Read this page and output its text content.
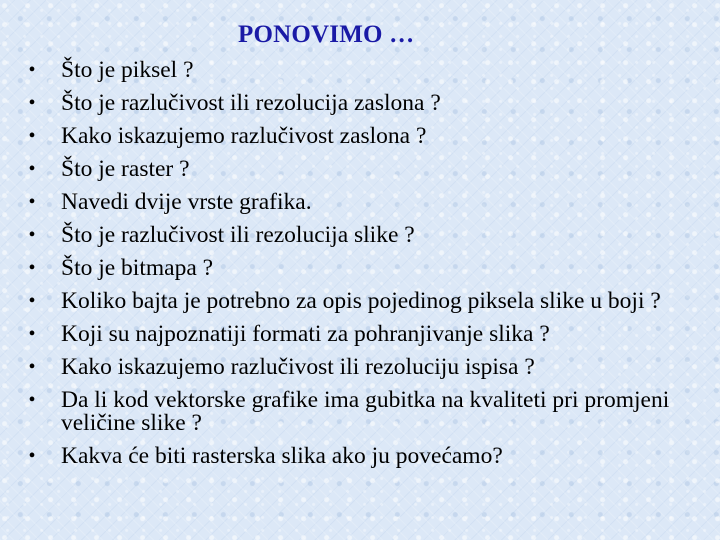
PONOVIMO …
• Što je piksel ?
• Što je razlučivost ili rezolucija zaslona ?
• Kako iskazujemo razlučivost zaslona ?
• Što je raster ?
• Navedi dvije vrste grafika.
• Što je razlučivost ili rezolucija slike ?
• Što je bitmapa ?
• Koliko bajta je potrebno za opis pojedinog piksela slike u boji ?
• Koji su najpoznatiji formati za pohranjivanje slika ?
• Kako iskazujemo razlučivost ili rezoluciju ispisa ?
• Da li kod vektorske grafike ima gubitka na kvaliteti pri promjeni veličine slike ?
• Kakva će biti rasterska slika ako ju povećamo?
